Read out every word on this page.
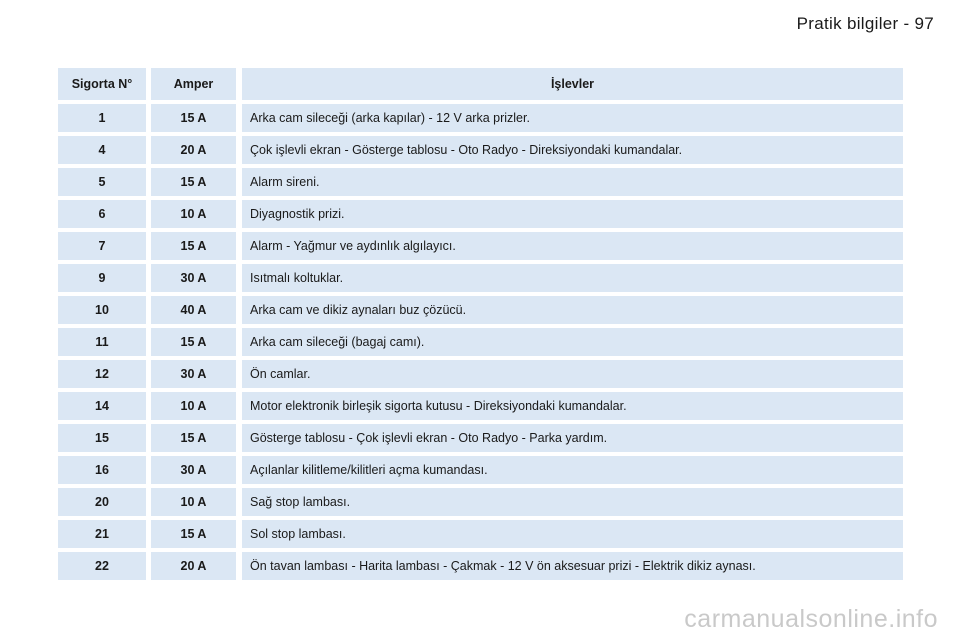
Pratik bilgiler - 97
Sigorta N°	Amper	İşlevler
1	15 A	Arka cam sileceği (arka kapılar) - 12 V arka prizler.
4	20 A	Çok işlevli ekran - Gösterge tablosu - Oto Radyo - Direksiyondaki kumandalar.
5	15 A	Alarm sireni.
6	10 A	Diyagnostik prizi.
7	15 A	Alarm - Yağmur ve aydınlık algılayıcı.
9	30 A	Isıtmalı koltuklar.
10	40 A	Arka cam ve dikiz aynaları buz çözücü.
11	15 A	Arka cam sileceği (bagaj camı).
12	30 A	Ön camlar.
14	10 A	Motor elektronik birleşik sigorta kutusu - Direksiyondaki kumandalar.
15	15 A	Gösterge tablosu - Çok işlevli ekran - Oto Radyo - Parka yardım.
16	30 A	Açılanlar kilitleme/kilitleri açma kumandası.
20	10 A	Sağ stop lambası.
21	15 A	Sol stop lambası.
22	20 A	Ön tavan lambası - Harita lambası - Çakmak - 12 V ön aksesuar prizi - Elektrik dikiz aynası.
carmanualsonline.info
